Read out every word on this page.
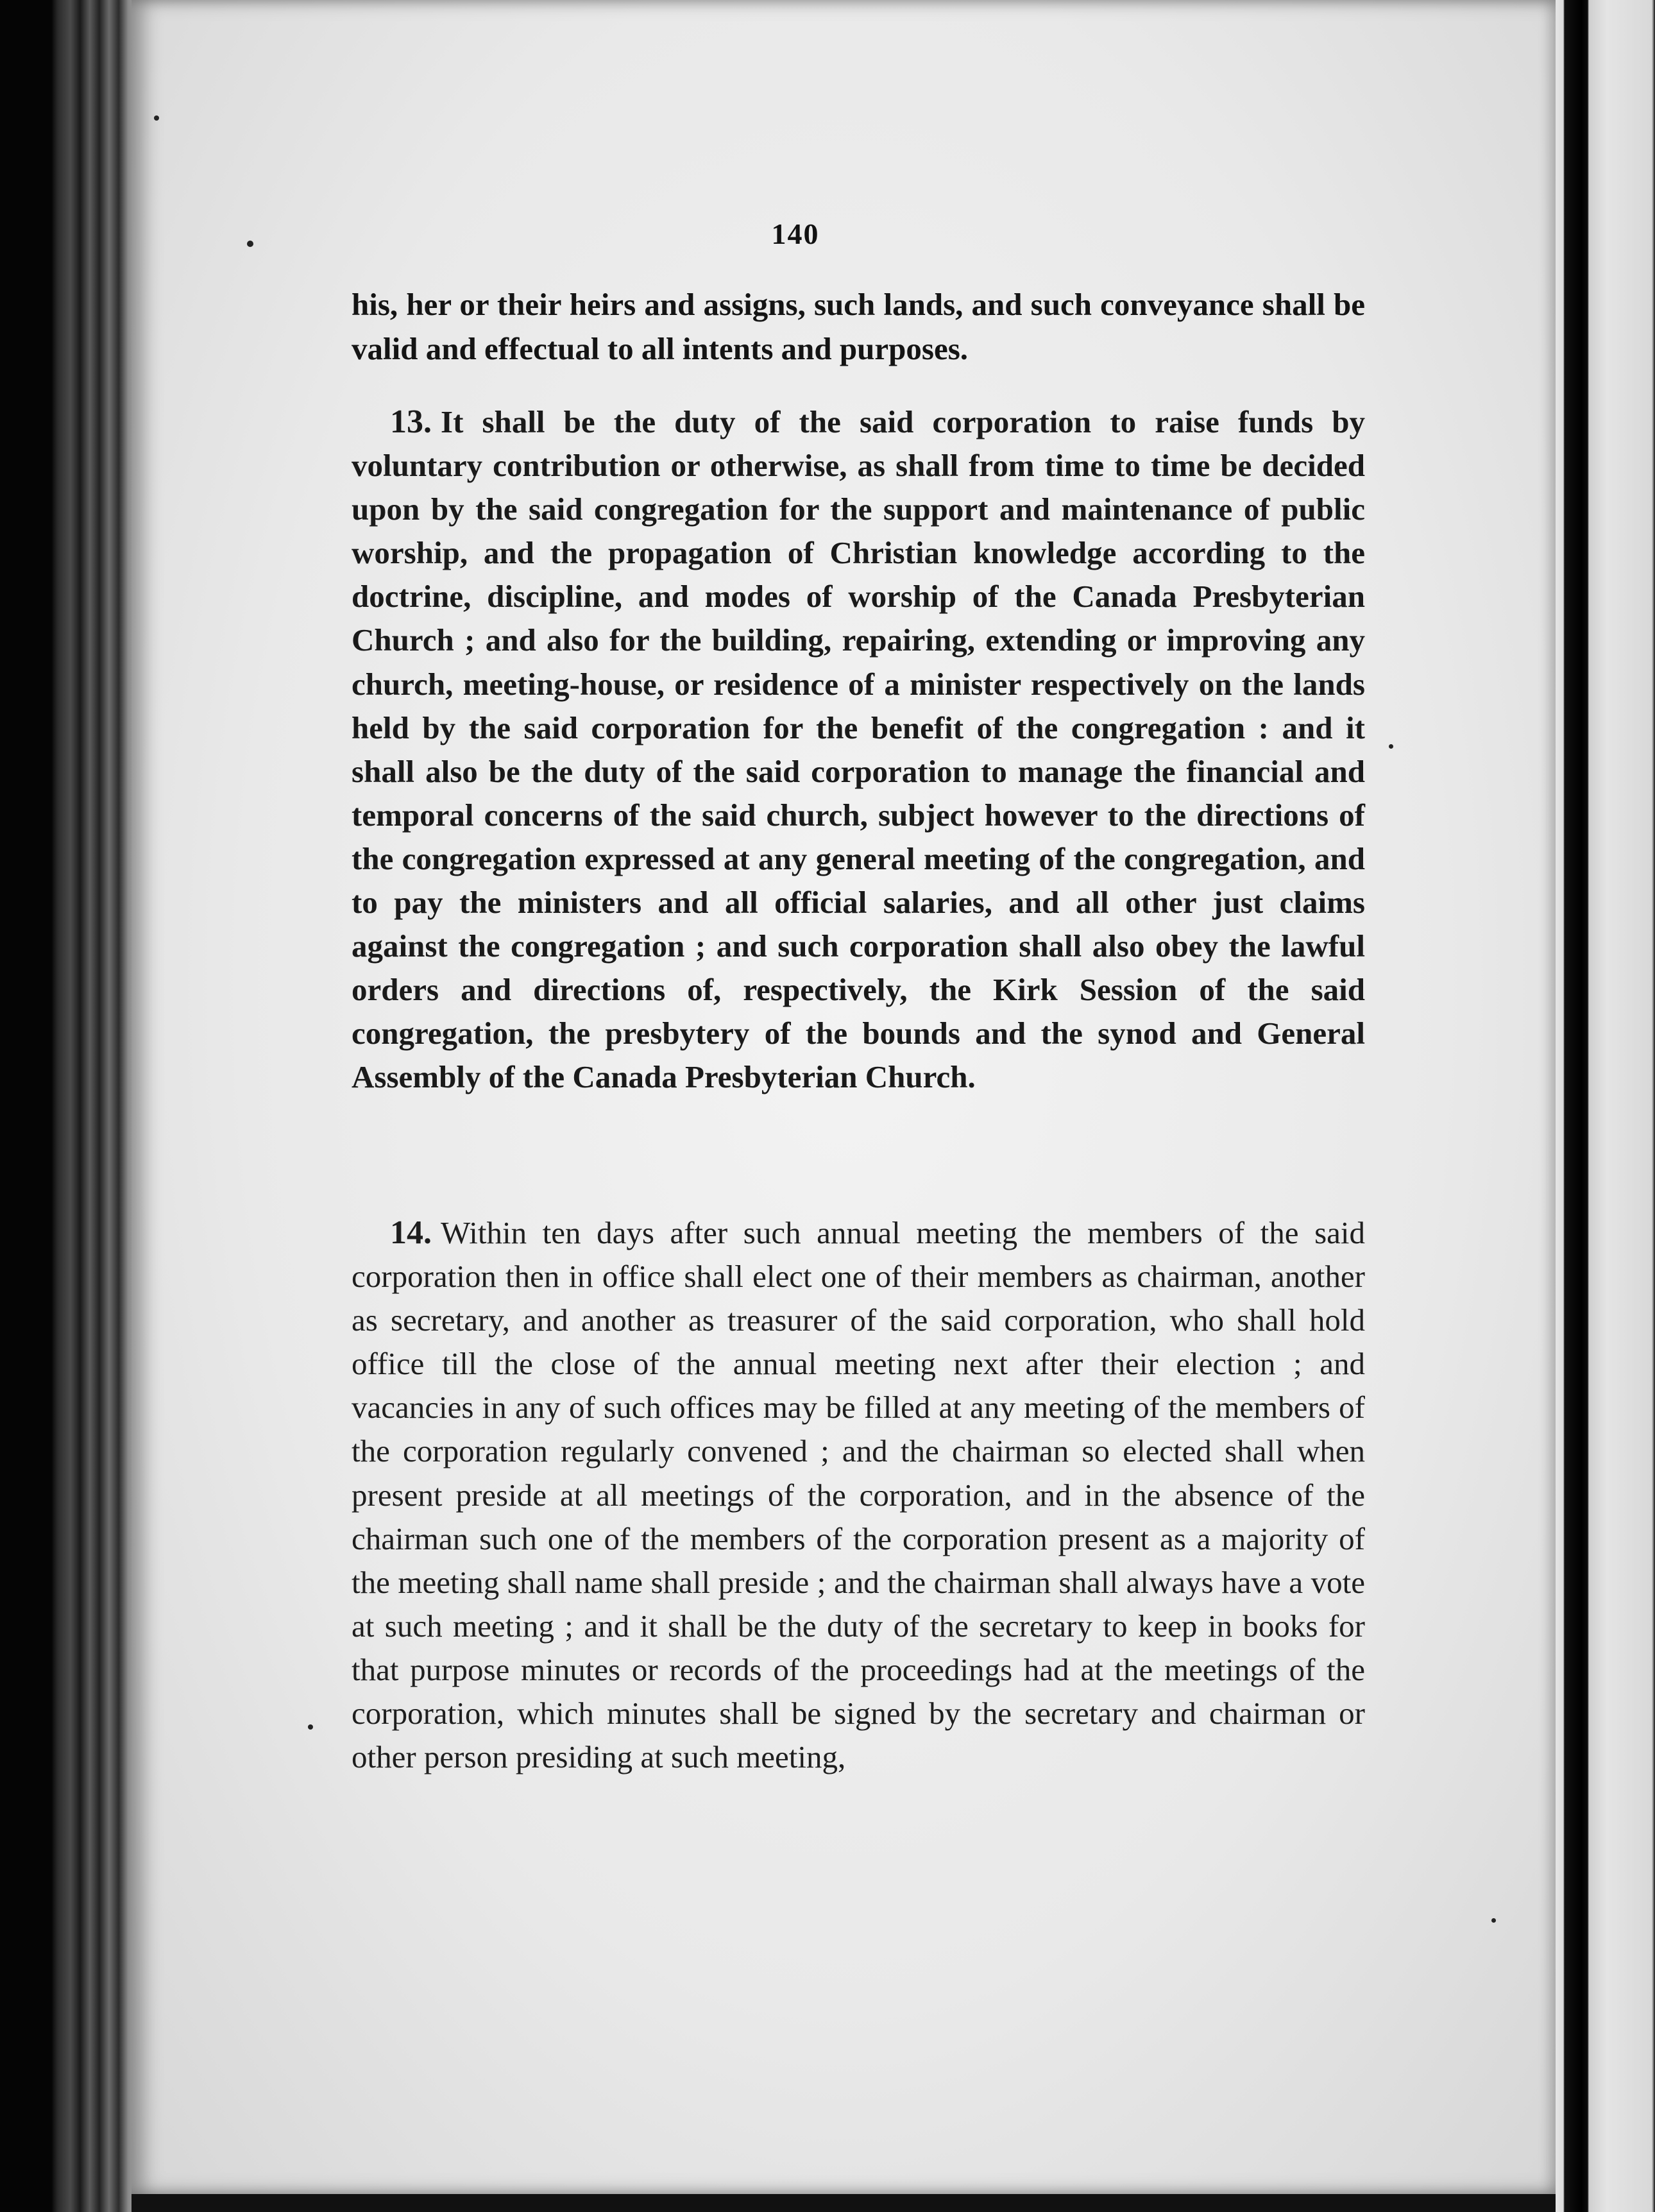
140
his, her or their heirs and assigns, such lands, and such conveyance shall be valid and effectual to all intents and purposes.
13. It shall be the duty of the said corporation to raise funds by voluntary contribution or otherwise, as shall from time to time be decided upon by the said congregation for the support and maintenance of public worship, and the propagation of Christian knowledge according to the doctrine, discipline, and modes of worship of the Canada Presbyterian Church ; and also for the building, repairing, extending or improving any church, meeting-house, or residence of a minister respectively on the lands held by the said corporation for the benefit of the congregation : and it shall also be the duty of the said corporation to manage the financial and temporal concerns of the said church, subject however to the directions of the congregation expressed at any general meeting of the congregation, and to pay the ministers and all official salaries, and all other just claims against the congregation ; and such corporation shall also obey the lawful orders and directions of, respectively, the Kirk Session of the said congregation, the presbytery of the bounds and the synod and General Assembly of the Canada Presbyterian Church.
14. Within ten days after such annual meeting the members of the said corporation then in office shall elect one of their members as chairman, another as secretary, and another as treasurer of the said corporation, who shall hold office till the close of the annual meeting next after their election ; and vacancies in any of such offices may be filled at any meeting of the members of the corporation regularly convened ; and the chairman so elected shall when present preside at all meetings of the corporation, and in the absence of the chairman such one of the members of the corporation present as a majority of the meeting shall name shall preside ; and the chairman shall always have a vote at such meeting ; and it shall be the duty of the secretary to keep in books for that purpose minutes or records of the proceedings had at the meetings of the corporation, which minutes shall be signed by the secretary and chairman or other person presiding at such meeting,
